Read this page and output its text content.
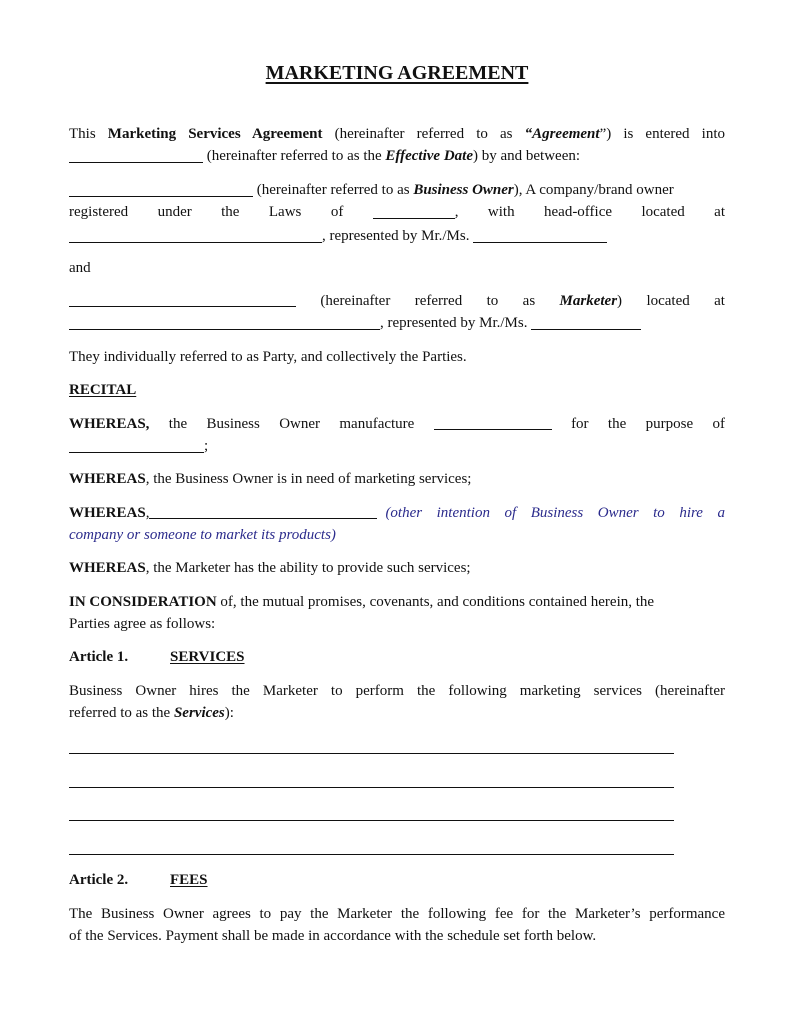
MARKETING AGREEMENT
This Marketing Services Agreement (hereinafter referred to as “Agreement”) is entered into
(hereinafter referred to as the Effective Date) by and between:
(hereinafter referred to as Business Owner), A company/brand owner
registered under the Laws of	, with head-office located at
, represented by Mr./Ms.
and
(hereinafter referred to as Marketer) located at
, represented by Mr./Ms.
They individually referred to as Party, and collectively the Parties.
RECITAL
WHEREAS, the Business Owner manufacture	for the purpose of
;
WHEREAS, the Business Owner is in need of marketing services;
WHEREAS,	(other intention of Business Owner to hire a
company or someone to market its products)
WHEREAS, the Marketer has the ability to provide such services;
IN CONSIDERATION of, the mutual promises, covenants, and conditions contained herein, the
Parties agree as follows:
Article 1.	SERVICES
Business Owner hires the Marketer to perform the following marketing services (hereinafter
referred to as the Services):
Article 2.	FEES
The Business Owner agrees to pay the Marketer the following fee for the Marketer’s performance
of the Services. Payment shall be made in accordance with the schedule set forth below.
